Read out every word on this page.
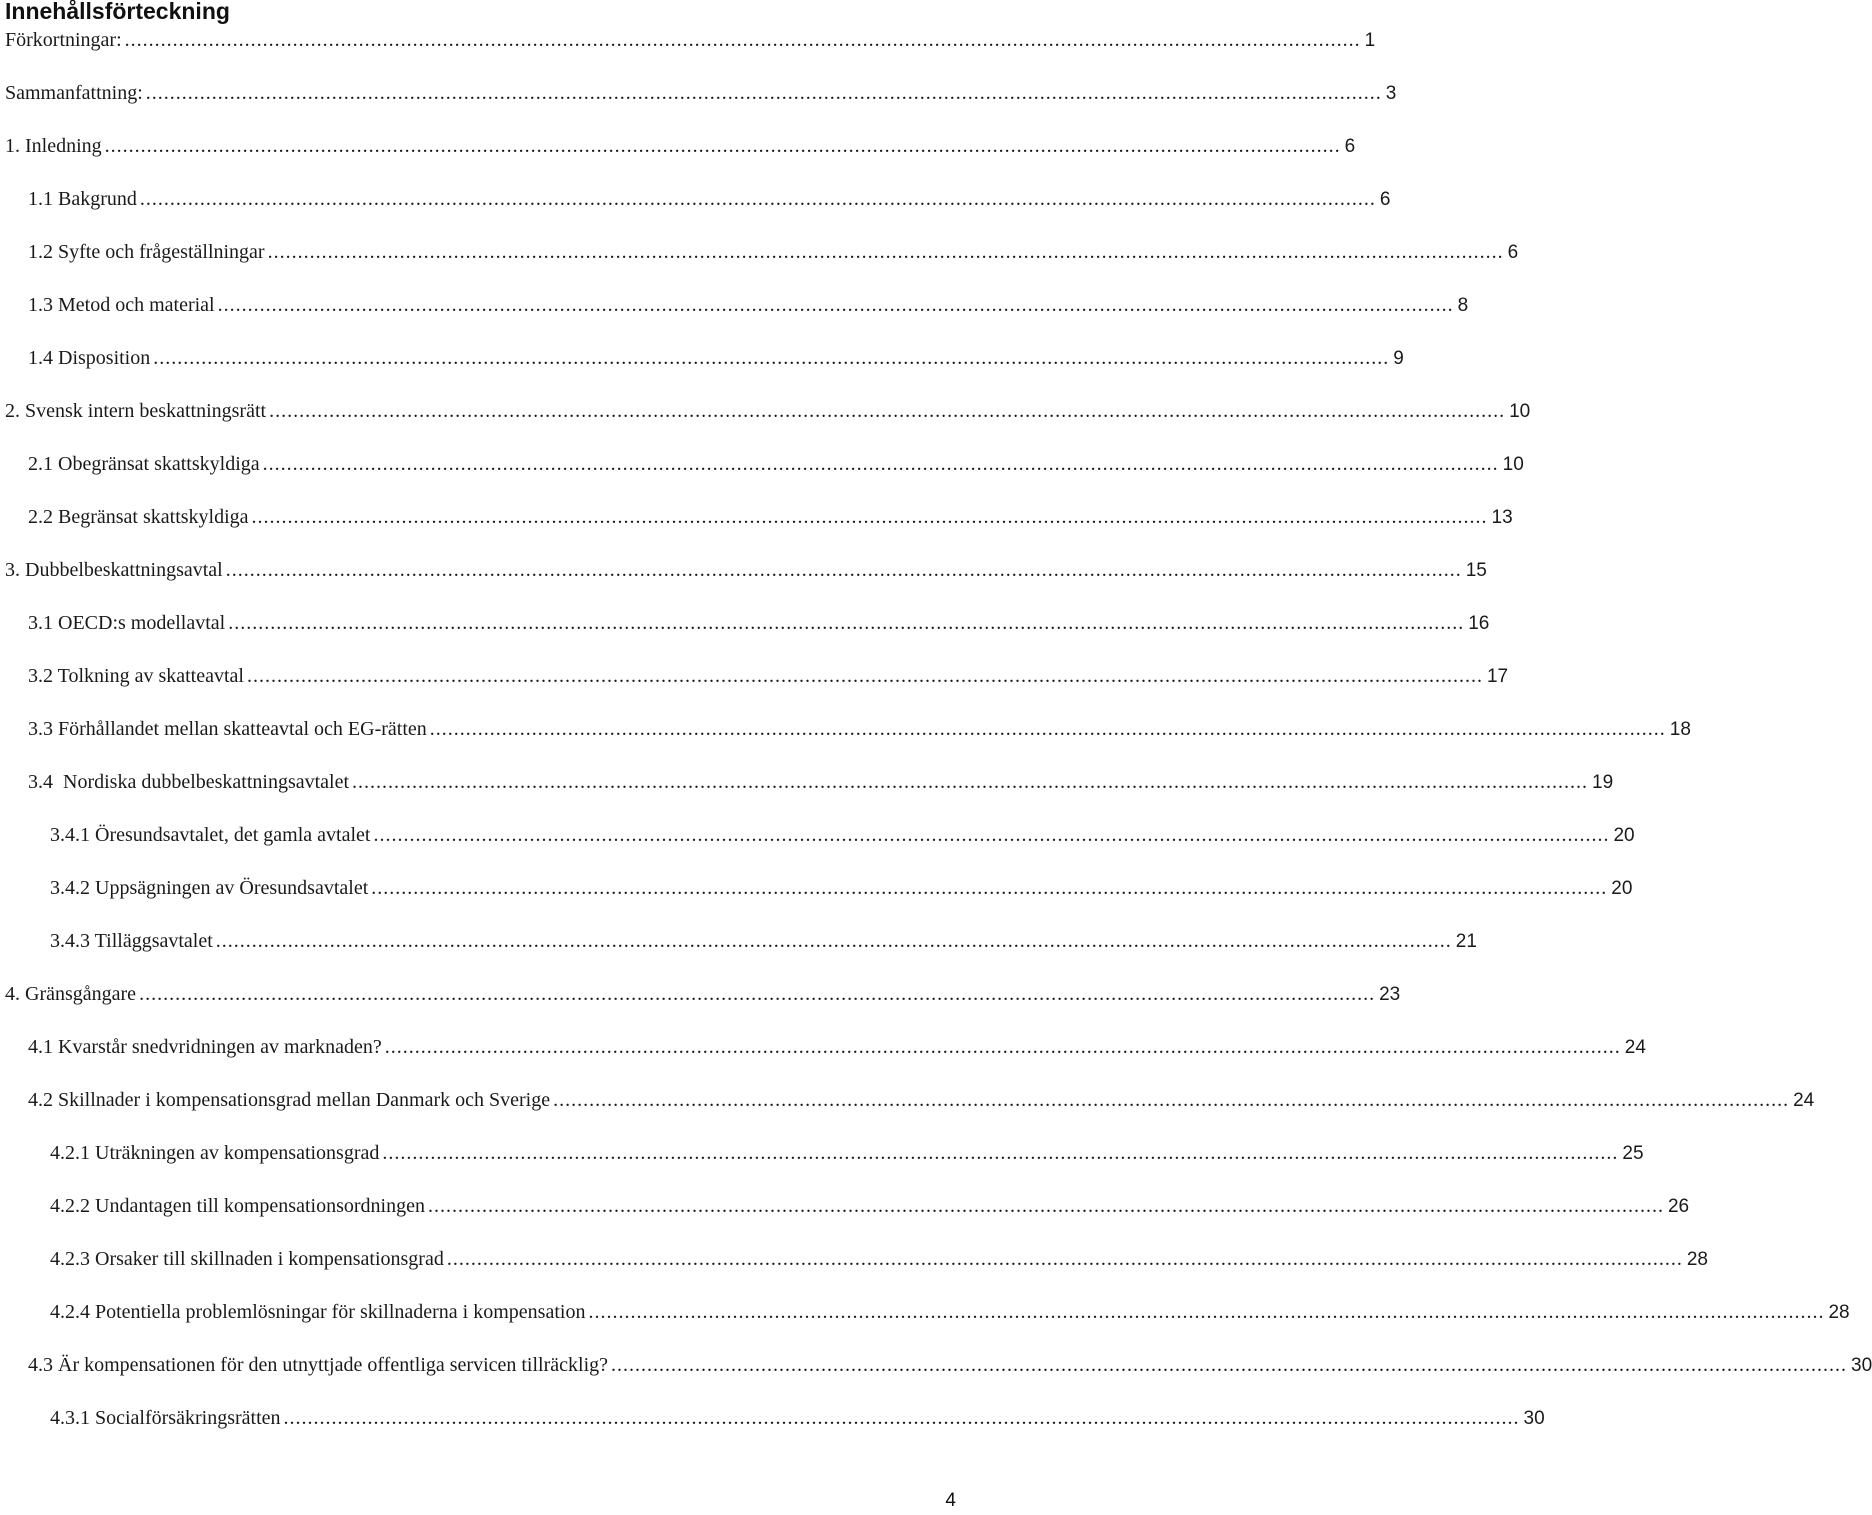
Innehållsförteckning
Förkortningar: .............................................................................................................................................................................................................. 1
Sammanfattning: .............................................................................................................................................................................................................. 3
1. Inledning .............................................................................................................................................................................................................. 6
1.1 Bakgrund .............................................................................................................................................................................................................. 6
1.2 Syfte och frågeställningar .............................................................................................................................................................................................................. 6
1.3 Metod och material .............................................................................................................................................................................................................. 8
1.4 Disposition .............................................................................................................................................................................................................. 9
2. Svensk intern beskattningsrätt .............................................................................................................................................................................................................. 10
2.1 Obegränsat skattskyldiga .............................................................................................................................................................................................................. 10
2.2 Begränsat skattskyldiga .............................................................................................................................................................................................................. 13
3. Dubbelbeskattningsavtal .............................................................................................................................................................................................................. 15
3.1 OECD:s modellavtal .............................................................................................................................................................................................................. 16
3.2 Tolkning av skatteavtal .............................................................................................................................................................................................................. 17
3.3 Förhållandet mellan skatteavtal och EG-rätten .............................................................................................................................................................................................................. 18
3.4  Nordiska dubbelbeskattningsavtalet .............................................................................................................................................................................................................. 19
3.4.1 Öresundsavtalet, det gamla avtalet .............................................................................................................................................................................................................. 20
3.4.2 Uppsägningen av Öresundsavtalet .............................................................................................................................................................................................................. 20
3.4.3 Tilläggsavtalet .............................................................................................................................................................................................................. 21
4. Gränsgångare .............................................................................................................................................................................................................. 23
4.1 Kvarstår snedvridningen av marknaden? .............................................................................................................................................................................................................. 24
4.2 Skillnader i kompensationsgrad mellan Danmark och Sverige .............................................................................................................................................................................................................. 24
4.2.1 Uträkningen av kompensationsgrad .............................................................................................................................................................................................................. 25
4.2.2 Undantagen till kompensationsordningen .............................................................................................................................................................................................................. 26
4.2.3 Orsaker till skillnaden i kompensationsgrad .............................................................................................................................................................................................................. 28
4.2.4 Potentiella problemlösningar för skillnaderna i kompensation .............................................................................................................................................................................................................. 28
4.3 Är kompensationen för den utnyttjade offentliga servicen tillräcklig? .............................................................................................................................................................................................................. 30
4.3.1 Socialförsäkringsrätten .............................................................................................................................................................................................................. 30
4
